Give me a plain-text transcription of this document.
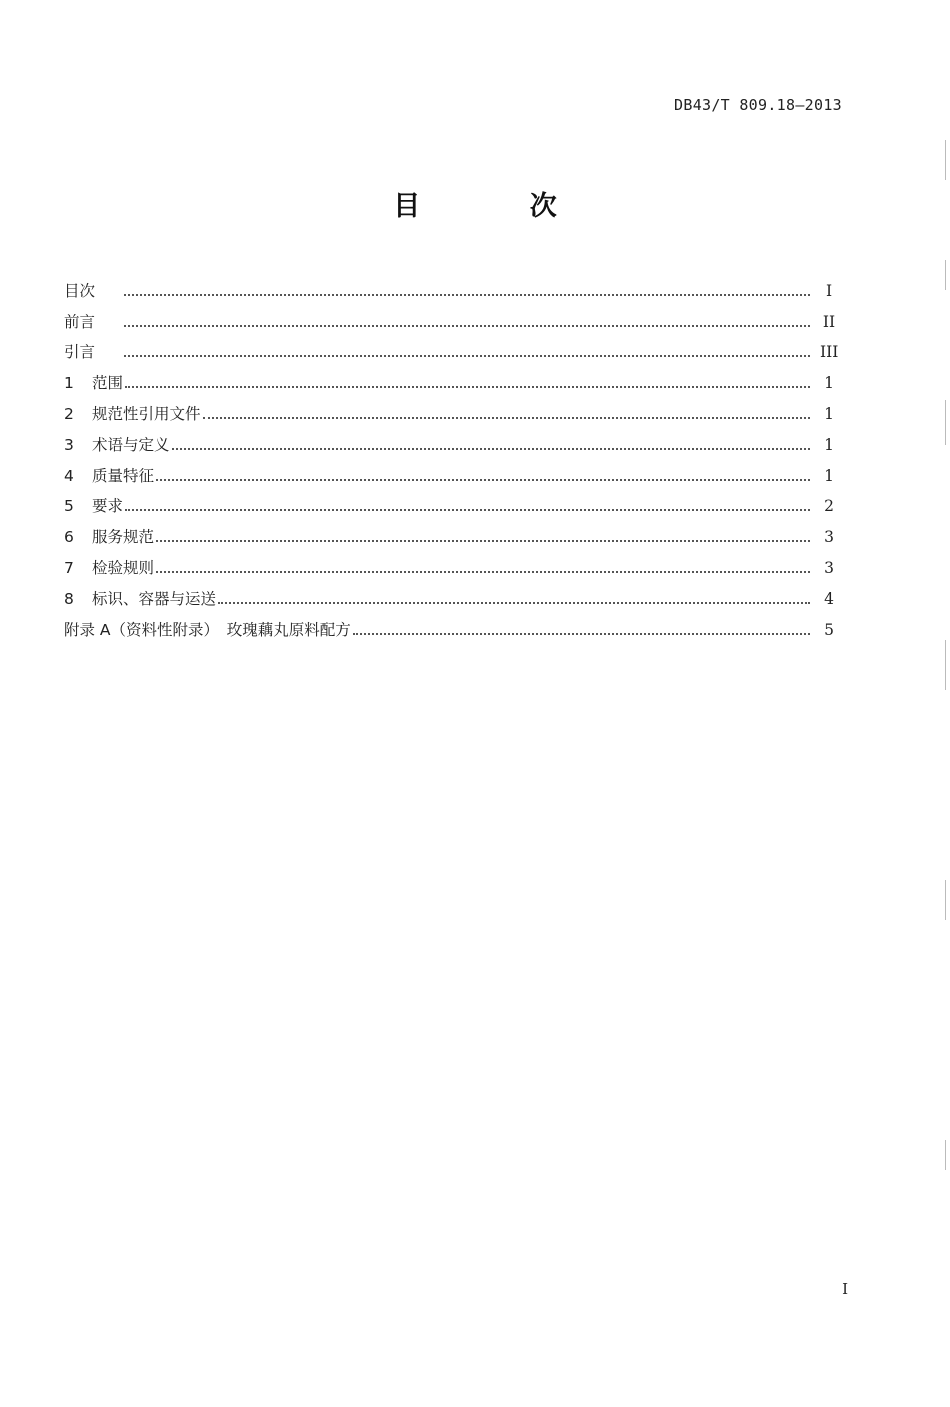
DB43/T 809.18—2013
目 次
目次	I
前言	II
引言	III
1	范围	1
2	规范性引用文件	1
3	术语与定义	1
4	质量特征	1
5	要求	2
6	服务规范	3
7	检验规则	3
8	标识、容器与运送	4
附录 A（资料性附录）　玫瑰藕丸原料配方	5
I
